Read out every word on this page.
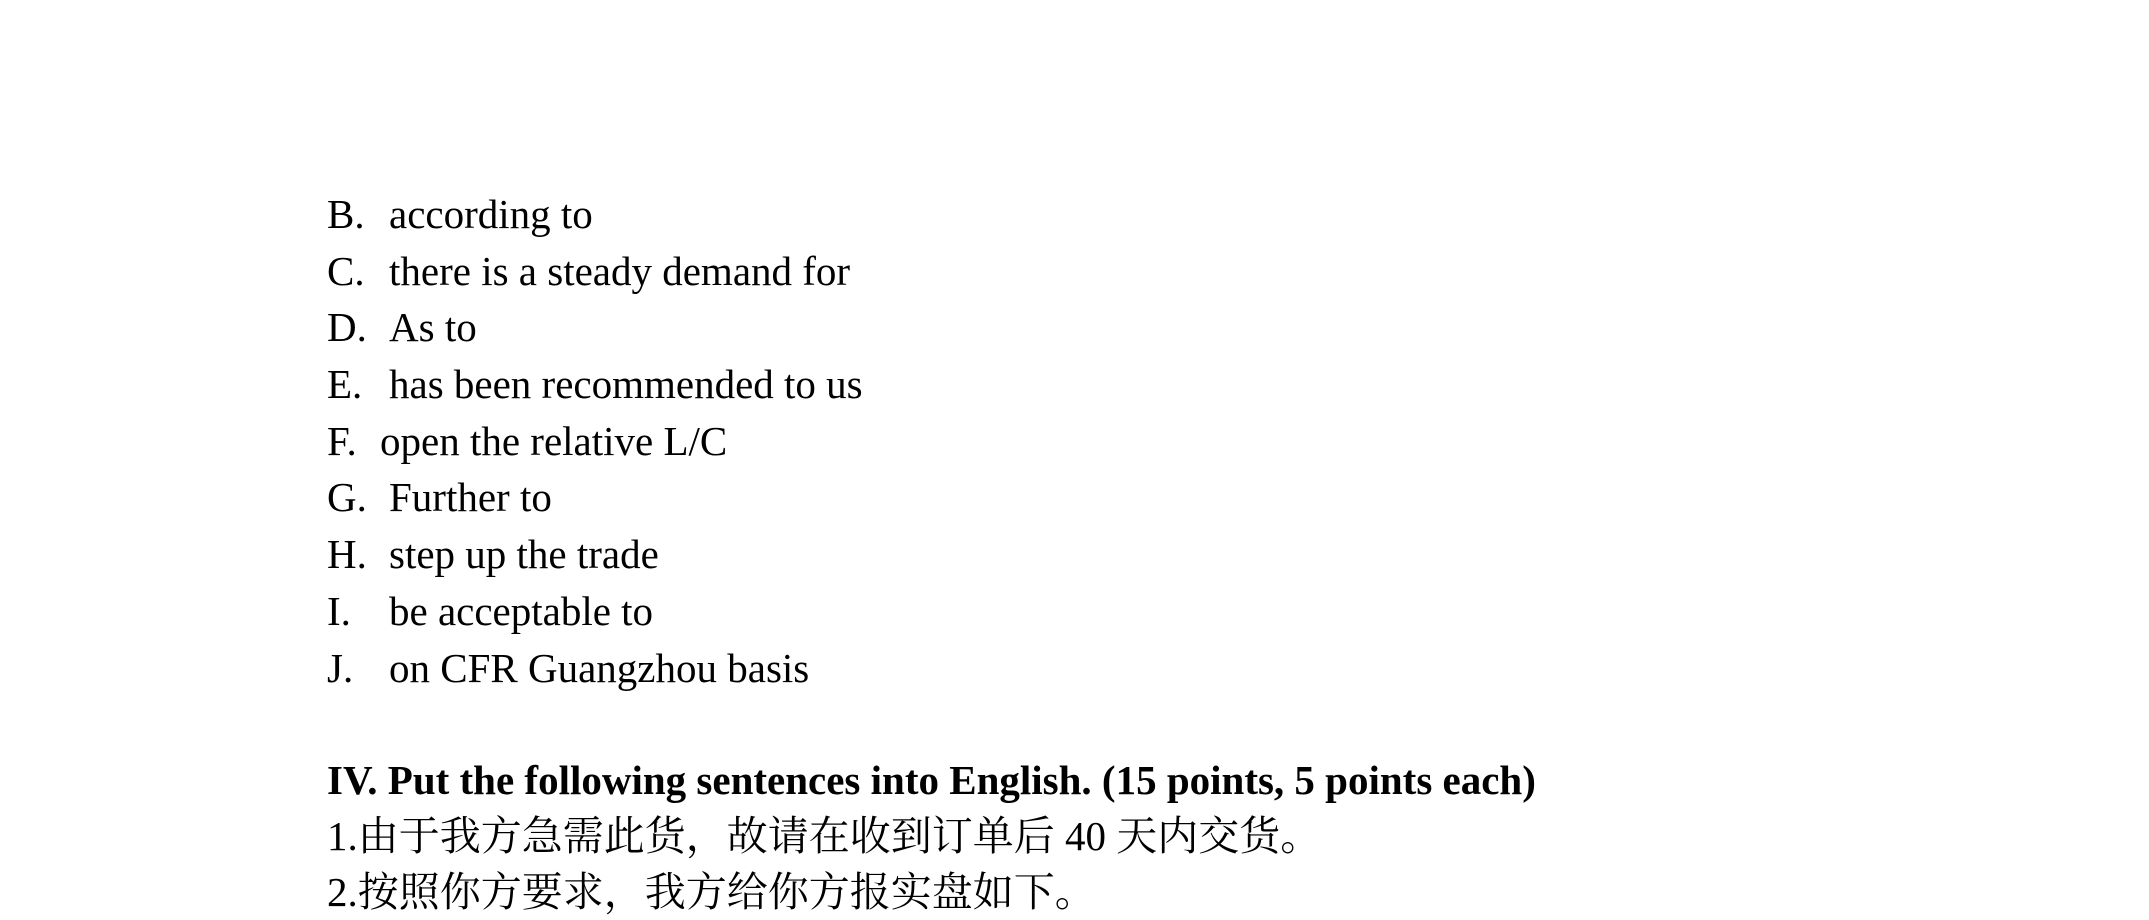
B. according to
C. there is a steady demand for
D. As to
E. has been recommended to us
F. open the relative L/C
G. Further to
H. step up the trade
I. be acceptable to
J. on CFR Guangzhou basis

IV. Put the following sentences into English. (15 points, 5 points each)

1.由于我方急需此货，故请在收到订单后 40 天内交货。

2.按照你方要求，我方给你方报实盘如下。
